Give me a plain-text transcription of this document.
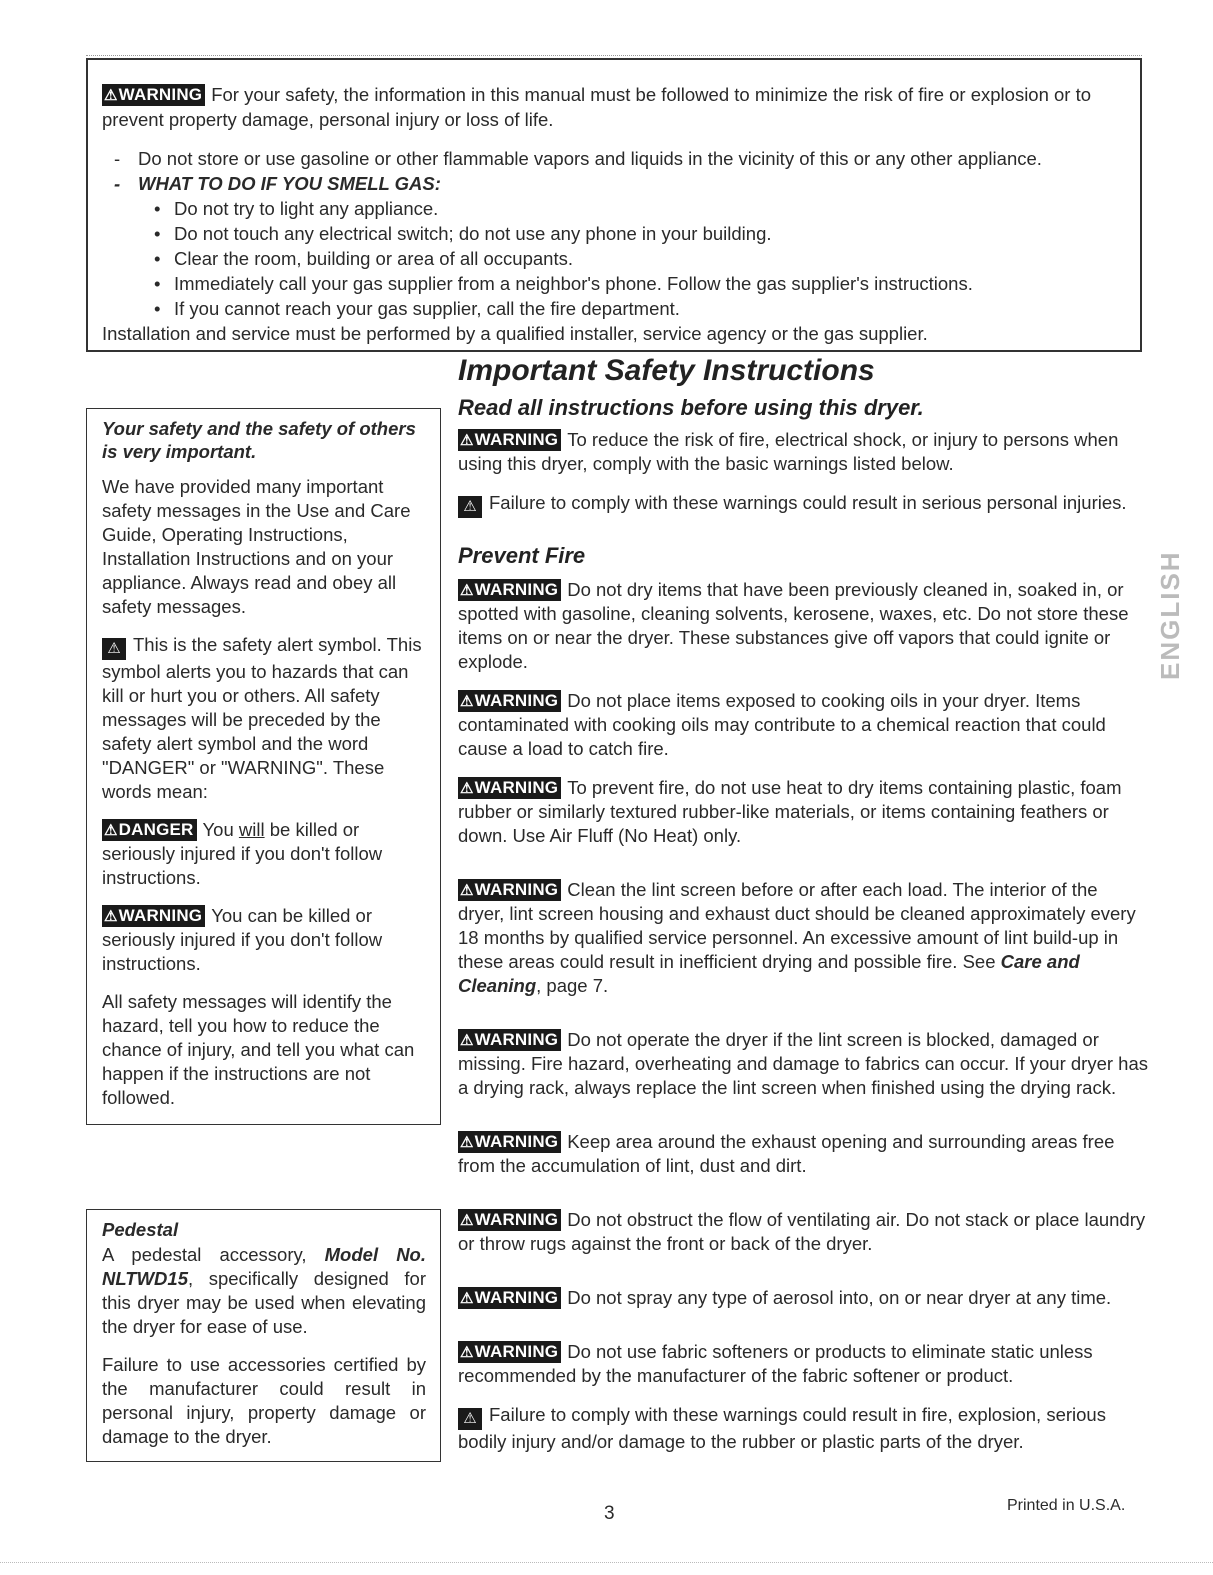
⚠WARNING For your safety, the information in this manual must be followed to minimize the risk of fire or explosion or to prevent property damage, personal injury or loss of life.

- Do not store or use gasoline or other flammable vapors and liquids in the vicinity of this or any other appliance.
- WHAT TO DO IF YOU SMELL GAS:
• Do not try to light any appliance.
• Do not touch any electrical switch; do not use any phone in your building.
• Clear the room, building or area of all occupants.
• Immediately call your gas supplier from a neighbor's phone. Follow the gas supplier's instructions.
• If you cannot reach your gas supplier, call the fire department.

Installation and service must be performed by a qualified installer, service agency or the gas supplier.

Important Safety Instructions
Read all instructions before using this dryer.

⚠WARNING To reduce the risk of fire, electrical shock, or injury to persons when using this dryer, comply with the basic warnings listed below.

⚠ Failure to comply with these warnings could result in serious personal injuries.

Prevent Fire

⚠WARNING Do not dry items that have been previously cleaned in, soaked in, or spotted with gasoline, cleaning solvents, kerosene, waxes, etc. Do not store these items on or near the dryer. These substances give off vapors that could ignite or explode.

⚠WARNING Do not place items exposed to cooking oils in your dryer. Items contaminated with cooking oils may contribute to a chemical reaction that could cause a load to catch fire.

⚠WARNING To prevent fire, do not use heat to dry items containing plastic, foam rubber or similarly textured rubber-like materials, or items containing feathers or down. Use Air Fluff (No Heat) only.

⚠WARNING Clean the lint screen before or after each load. The interior of the dryer, lint screen housing and exhaust duct should be cleaned approximately every 18 months by qualified service personnel. An excessive amount of lint build-up in these areas could result in inefficient drying and possible fire. See Care and Cleaning, page 7.

⚠WARNING Do not operate the dryer if the lint screen is blocked, damaged or missing. Fire hazard, overheating and damage to fabrics can occur. If your dryer has a drying rack, always replace the lint screen when finished using the drying rack.

⚠WARNING Keep area around the exhaust opening and surrounding areas free from the accumulation of lint, dust and dirt.

⚠WARNING Do not obstruct the flow of ventilating air. Do not stack or place laundry or throw rugs against the front or back of the dryer.

⚠WARNING Do not spray any type of aerosol into, on or near dryer at any time.

⚠WARNING Do not use fabric softeners or products to eliminate static unless recommended by the manufacturer of the fabric softener or product.

⚠ Failure to comply with these warnings could result in fire, explosion, serious bodily injury and/or damage to the rubber or plastic parts of the dryer.

Your safety and the safety of others is very important.

We have provided many important safety messages in the Use and Care Guide, Operating Instructions, Installation Instructions and on your appliance. Always read and obey all safety messages.

⚠ This is the safety alert symbol. This symbol alerts you to hazards that can kill or hurt you or others. All safety messages will be preceded by the safety alert symbol and the word "DANGER" or "WARNING". These words mean:

⚠DANGER You will be killed or seriously injured if you don't follow instructions.

⚠WARNING You can be killed or seriously injured if you don't follow instructions.

All safety messages will identify the hazard, tell you how to reduce the chance of injury, and tell you what can happen if the instructions are not followed.

Pedestal

A pedestal accessory, Model No. NLTWD15, specifically designed for this dryer may be used when elevating the dryer for ease of use.

Failure to use accessories certified by the manufacturer could result in personal injury, property damage or damage to the dryer.

ENGLISH
3	Printed in U.S.A.
